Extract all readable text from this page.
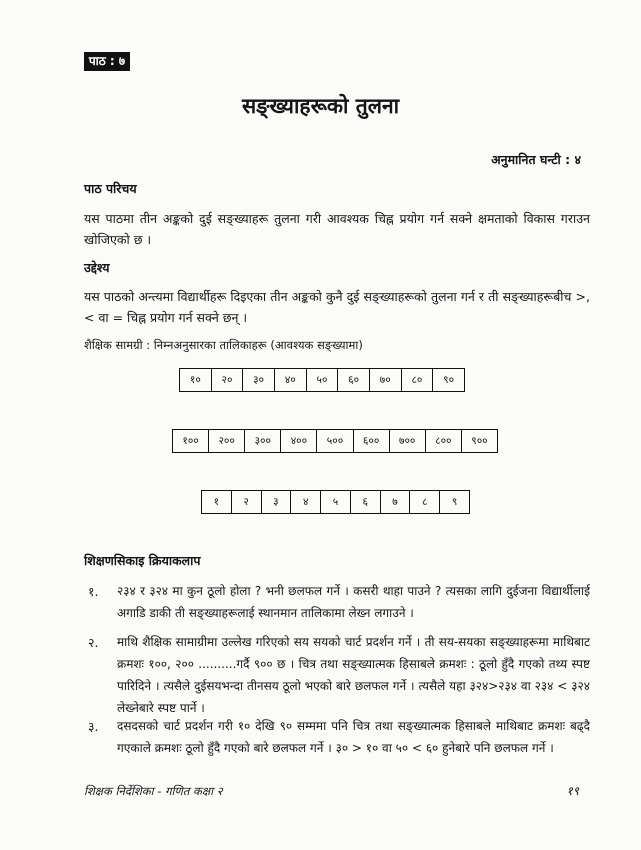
पाठ : ७
सङ्ख्याहरूको तुलना
अनुमानित घन्टी : ४
पाठ परिचय
यस पाठमा तीन अङ्कको दुई सङ्ख्याहरू तुलना गरी आवश्यक चिह्न प्रयोग गर्न सक्ने क्षमताको विकास गराउन खोजिएको छ ।
उद्देश्य
यस पाठको अन्त्यमा विद्यार्थीहरू दिइएका तीन अङ्कको कुनै दुई सङ्ख्याहरूको तुलना गर्न र ती सङ्ख्याहरूबीच >,< वा = चिह्न प्रयोग गर्न सक्ने छन् ।
शैक्षिक सामग्री : निम्नअनुसारका तालिकाहरू (आवश्यक सङ्ख्यामा)
१०	२०	३०	४०	५०	६०	७०	८०	९०
१००	२००	३००	४००	५००	६००	७००	८००	९००
१	२	३	४	५	६	७	८	९
शिक्षणसिकाइ क्रियाकलाप
१. २३४ र ३२४ मा कुन ठूलो होला ? भनी छलफल गर्ने । कसरी थाहा पाउने ? त्यसका लागि दुईजना विद्यार्थीलाई अगाडि डाकी ती सङ्ख्याहरूलाई स्थानमान तालिकामा लेख्न लगाउने ।
२. माथि शैक्षिक सामाग्रीमा उल्लेख गरिएको सय सयको चार्ट प्रदर्शन गर्ने । ती सय-सयका सङ्ख्याहरूमा माथिबाट क्रमशः १००, २०० ..........गर्दै ९०० छ । चित्र तथा सङ्ख्यात्मक हिसाबले क्रमशः : ठूलो हुँदै गएको तथ्य स्पष्ट पारिदिने । त्यसैले दुईसयभन्दा तीनसय ठूलो भएको बारे छलफल गर्ने । त्यसैले यहा ३२४>२३४ वा २३४ < ३२४ लेख्नेबारे स्पष्ट पार्ने ।
३. दसदसको चार्ट प्रदर्शन गरी १० देखि ९० सम्ममा पनि चित्र तथा सङ्ख्यात्मक हिसाबले माथिबाट क्रमशः बढ्दै गएकाले क्रमशः ठूलो हुँदै गएको बारे छलफल गर्ने । ३० > १० वा ५० < ६० हुनेबारे पनि छलफल गर्ने ।
शिक्षक निर्देशिका - गणित कक्षा २	१९
